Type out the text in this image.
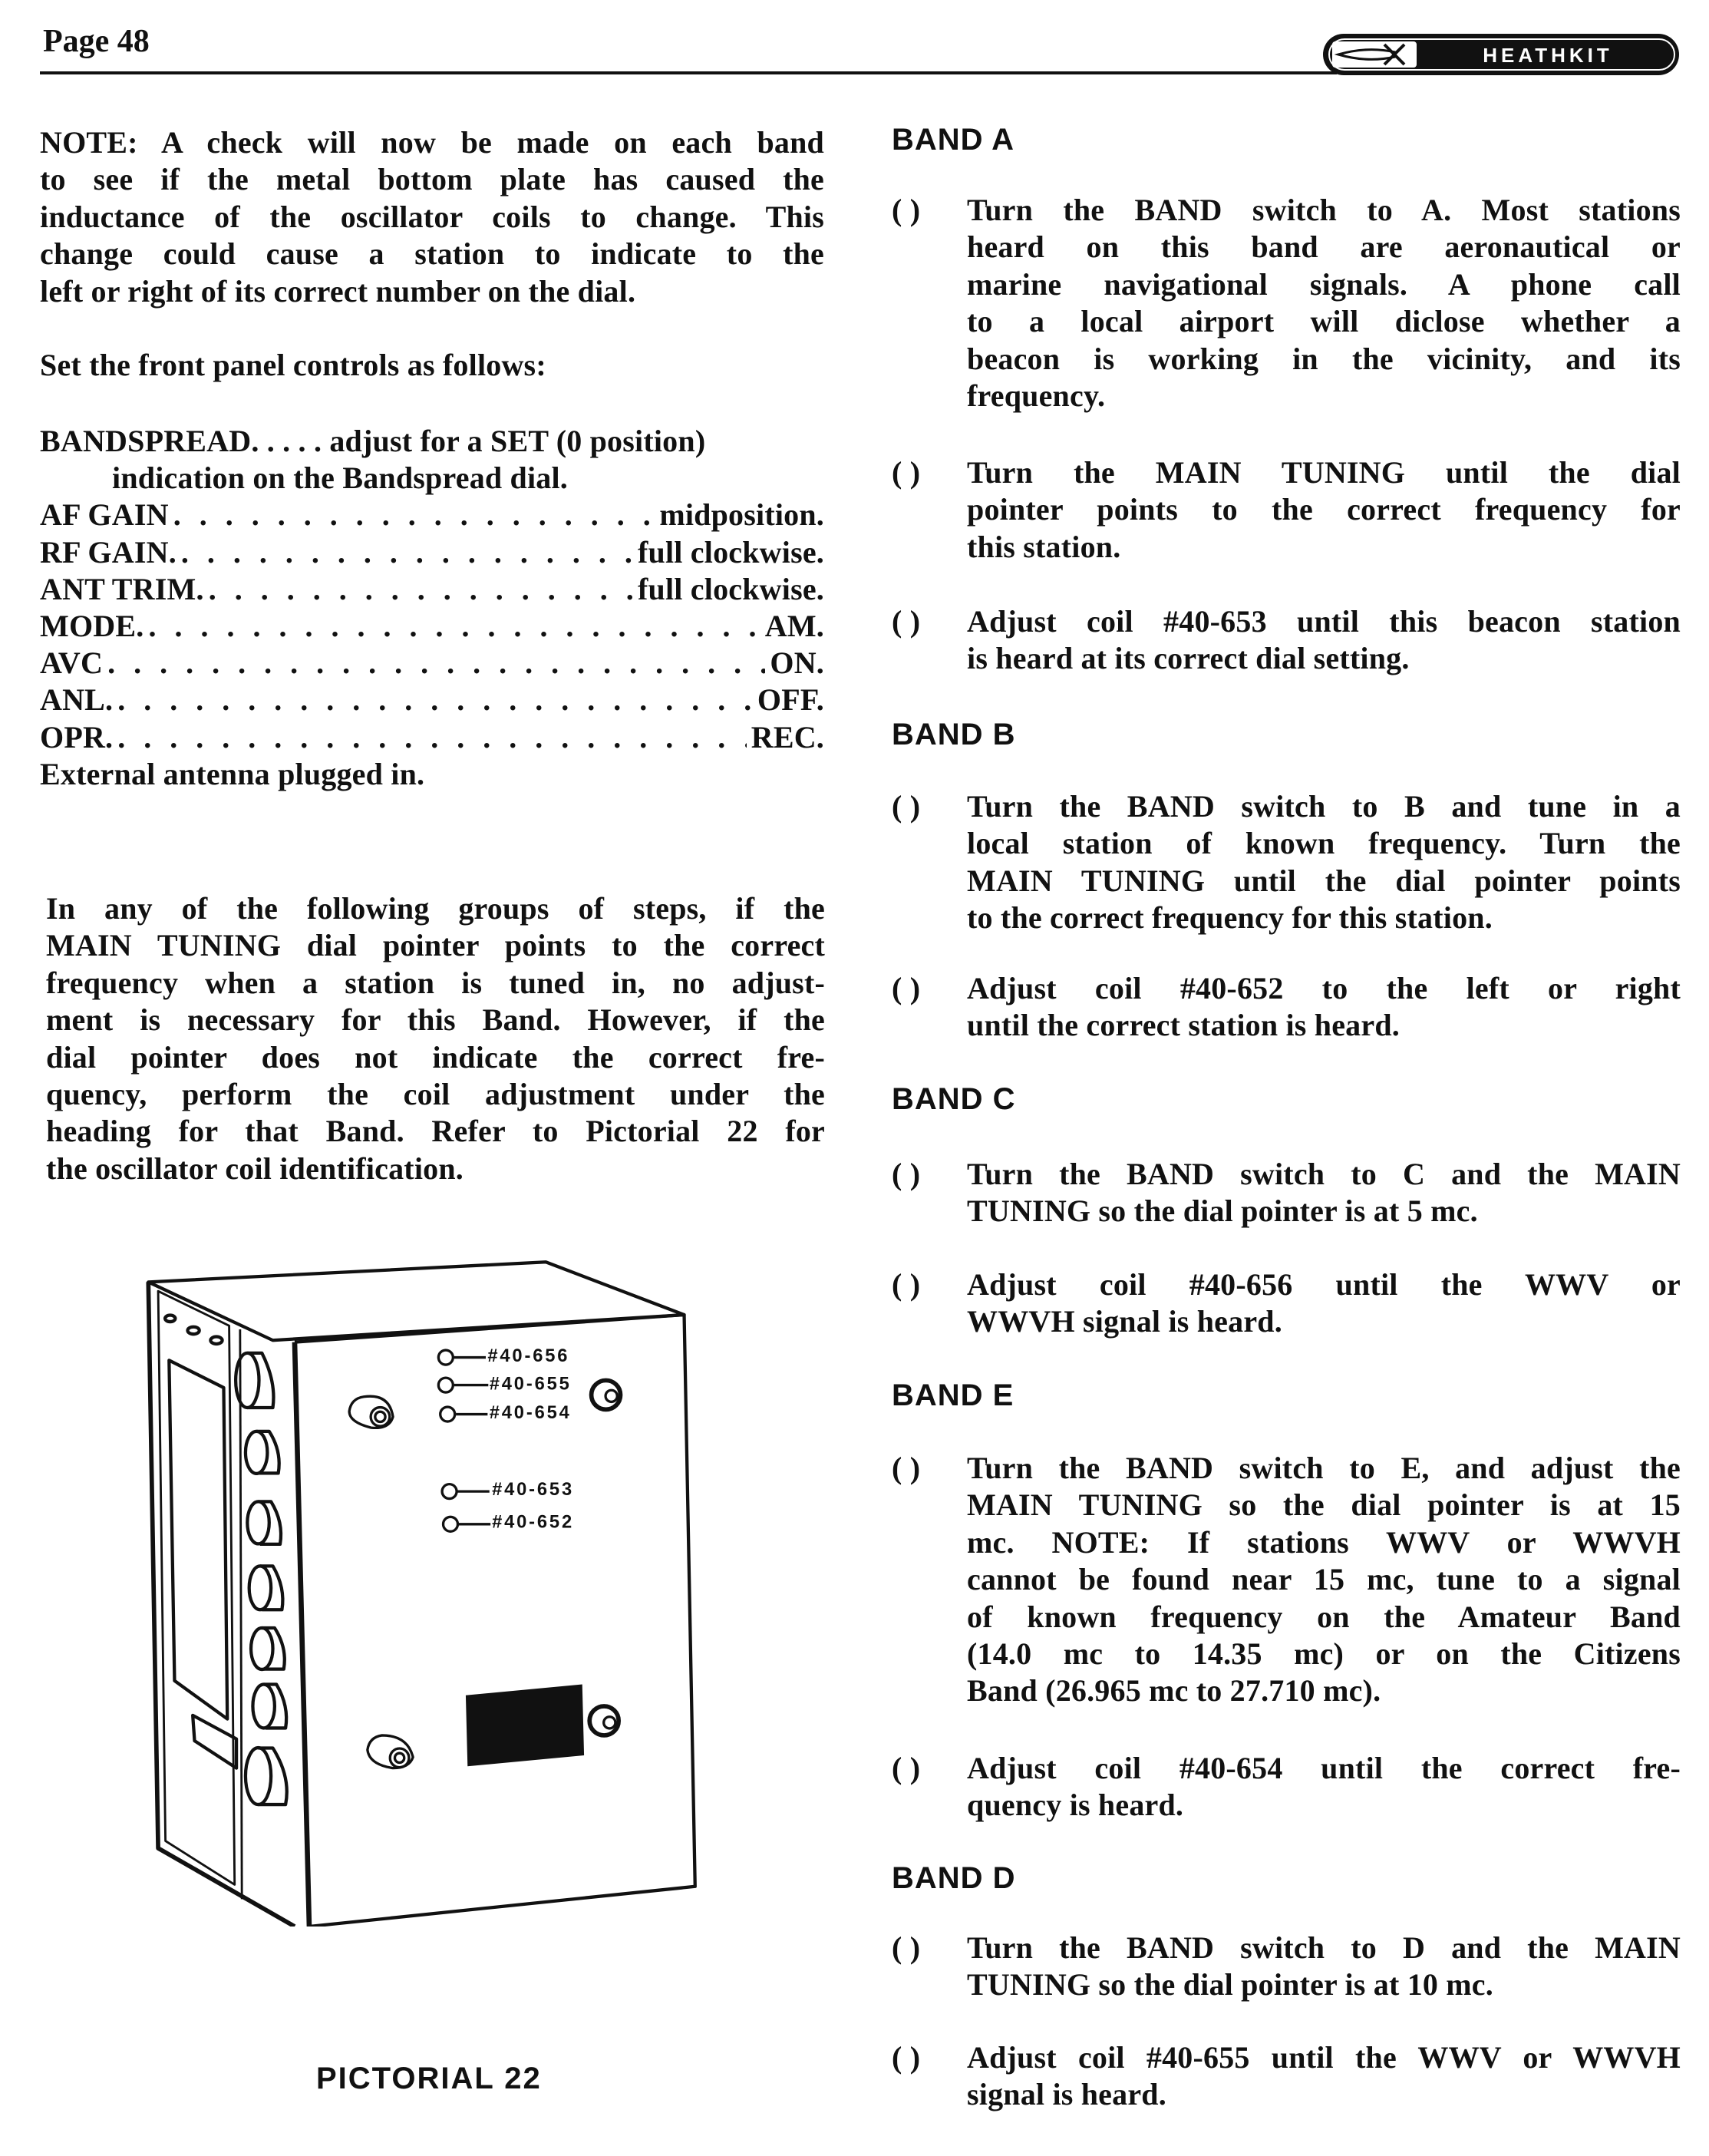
Page 48	HEATHKIT
NOTE: A check will now be made on each band
to see if the metal bottom plate has caused the
inductance of the oscillator coils to change. This
change could cause a station to indicate to the
left or right of its correct number on the dial.
Set the front panel controls as follows:
BANDSPREAD. . . . . adjust for a SET (0 position)
indication on the Bandspread dial.
AF GAIN . . .	midposition.
RF GAIN. . . .	full clockwise.
ANT TRIM. . . .	full clockwise.
MODE. . . .	AM.
AVC . . .	ON.
ANL. . . .	OFF.
OPR. . . .	REC.
External antenna plugged in.
In any of the following groups of steps, if the
MAIN TUNING dial pointer points to the correct
frequency when a station is tuned in, no adjust-
ment is necessary for this Band. However, if the
dial pointer does not indicate the correct fre-
quency, perform the coil adjustment under the
heading for that Band. Refer to Pictorial 22 for
the oscillator coil identification.
#40-656
#40-655
#40-654
#40-653
#40-652
PICTORIAL 22
BAND A
( ) Turn the BAND switch to A. Most stations
heard on this band are aeronautical or
marine navigational signals. A phone call
to a local airport will diclose whether a
beacon is working in the vicinity, and its
frequency.
( ) Turn the MAIN TUNING until the dial
pointer points to the correct frequency for
this station.
( ) Adjust coil #40-653 until this beacon station
is heard at its correct dial setting.
BAND B
( ) Turn the BAND switch to B and tune in a
local station of known frequency. Turn the
MAIN TUNING until the dial pointer points
to the correct frequency for this station.
( ) Adjust coil #40-652 to the left or right
until the correct station is heard.
BAND C
( ) Turn the BAND switch to C and the MAIN
TUNING so the dial pointer is at 5 mc.
( ) Adjust coil #40-656 until the WWV or
WWVH signal is heard.
BAND E
( ) Turn the BAND switch to E, and adjust the
MAIN TUNING so the dial pointer is at 15
mc. NOTE: If stations WWV or WWVH
cannot be found near 15 mc, tune to a signal
of known frequency on the Amateur Band
(14.0 mc to 14.35 mc) or on the Citizens
Band (26.965 mc to 27.710 mc).
( ) Adjust coil #40-654 until the correct fre-
quency is heard.
BAND D
( ) Turn the BAND switch to D and the MAIN
TUNING so the dial pointer is at 10 mc.
( ) Adjust coil #40-655 until the WWV or WWVH
signal is heard.
